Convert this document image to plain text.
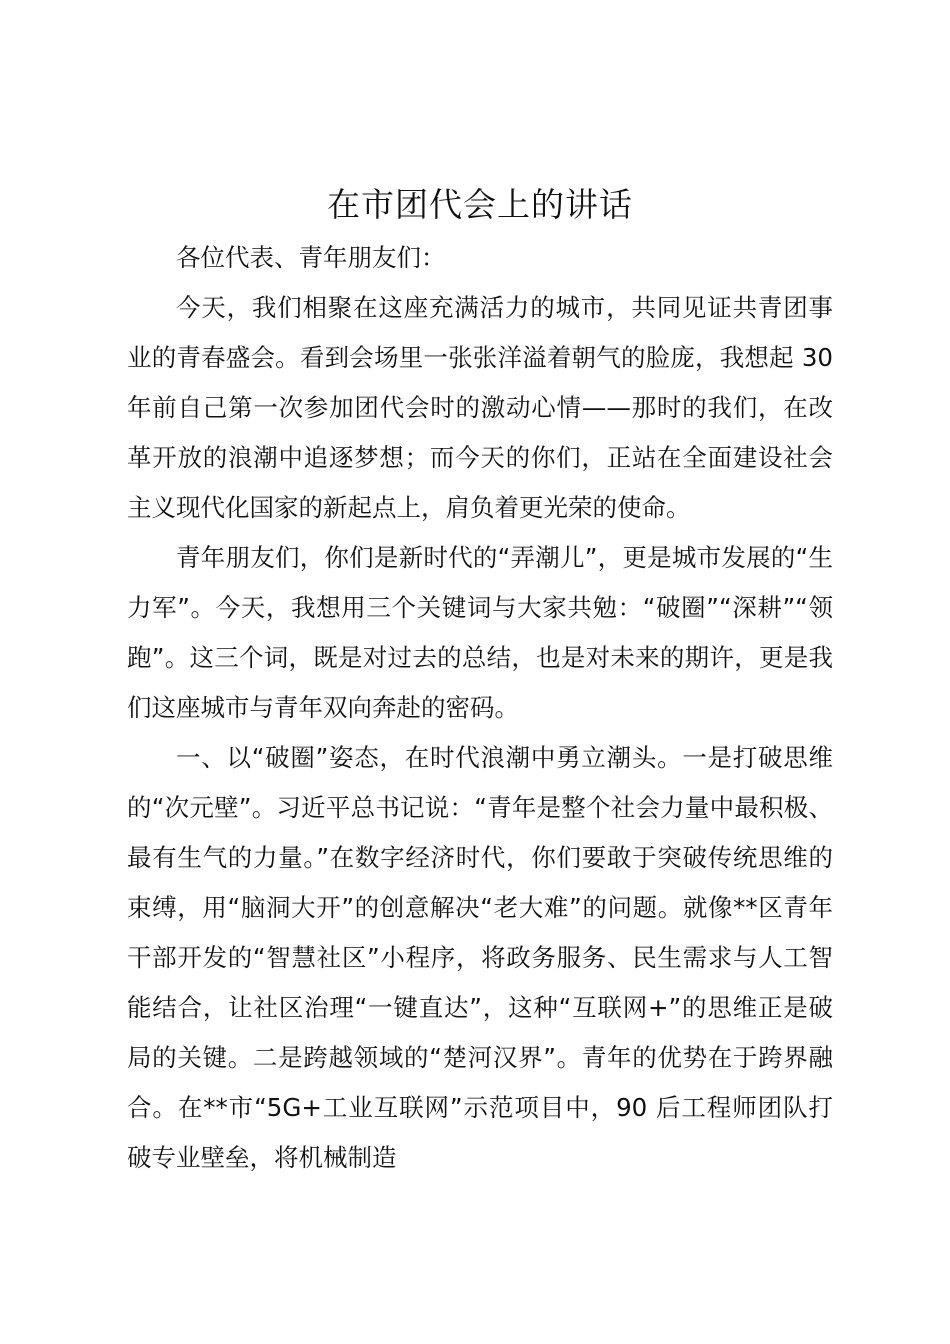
在市团代会上的讲话

各位代表、青年朋友们：

今天，我们相聚在这座充满活力的城市，共同见证共青团事业的青春盛会。看到会场里一张张洋溢着朝气的脸庞，我想起 30 年前自己第一次参加团代会时的激动心情——那时的我们，在改革开放的浪潮中追逐梦想；而今天的你们，正站在全面建设社会主义现代化国家的新起点上，肩负着更光荣的使命。

青年朋友们，你们是新时代的“弄潮儿”，更是城市发展的“生力军”。今天，我想用三个关键词与大家共勉：“破圈”“深耕”“领跑”。这三个词，既是对过去的总结，也是对未来的期许，更是我们这座城市与青年双向奔赴的密码。

一、以“破圈”姿态，在时代浪潮中勇立潮头。一是打破思维的“次元壁”。习近平总书记说：“青年是整个社会力量中最积极、最有生气的力量。”在数字经济时代，你们要敢于突破传统思维的束缚，用“脑洞大开”的创意解决“老大难”的问题。就像**区青年干部开发的“智慧社区”小程序，将政务服务、民生需求与人工智能结合，让社区治理“一键直达”，这种“互联网+”的思维正是破局的关键。二是跨越领域的“楚河汉界”。青年的优势在于跨界融合。在**市“5G+工业互联网”示范项目中，90 后工程师团队打破专业壁垒，将机械制造
